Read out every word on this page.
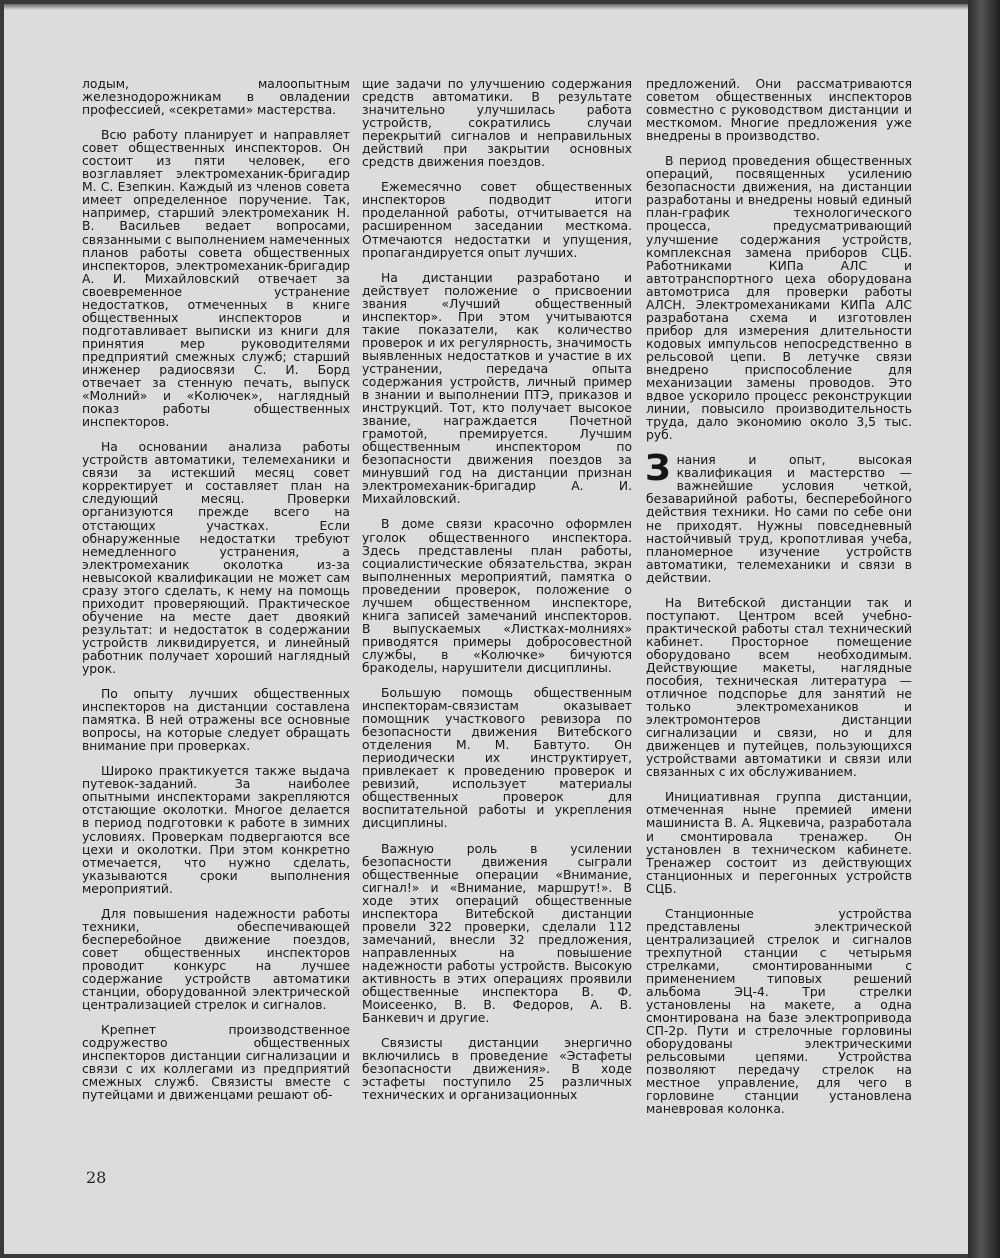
лодым, малоопытным железнодорожникам в овладении профессией, «секретами» мастерства.

Всю работу планирует и направляет совет общественных инспекторов. Он состоит из пяти человек, его возглавляет электромеханик-бригадир М. С. Езепкин. Каждый из членов совета имеет определенное поручение. Так, например, старший электромеханик Н. В. Васильев ведает вопросами, связанными с выполнением намеченных планов работы совета общественных инспекторов, электромеханик-бригадир А. И. Михайловский отвечает за своевременное устранение недостатков, отмеченных в книге общественных инспекторов и подготавливает выписки из книги для принятия мер руководителями предприятий смежных служб; старший инженер радиосвязи С. И. Борд отвечает за стенную печать, выпуск «Молний» и «Колючек», наглядный показ работы общественных инспекторов.

На основании анализа работы устройств автоматики, телемеханики и связи за истекший месяц совет корректирует и составляет план на следующий месяц. Проверки организуются прежде всего на отстающих участках. Если обнаруженные недостатки требуют немедленного устранения, а электромеханик околотка из-за невысокой квалификации не может сам сразу этого сделать, к нему на помощь приходит проверяющий. Практическое обучение на месте дает двоякий результат: и недостаток в содержании устройств ликвидируется, и линейный работник получает хороший наглядный урок.

По опыту лучших общественных инспекторов на дистанции составлена памятка. В ней отражены все основные вопросы, на которые следует обращать внимание при проверках.

Широко практикуется также выдача путевок-заданий. За наиболее опытными инспекторами закрепляются отстающие околотки. Многое делается в период подготовки к работе в зимних условиях. Проверкам подвергаются все цехи и околотки. При этом конкретно отмечается, что нужно сделать, указываются сроки выполнения мероприятий.

Для повышения надежности работы техники, обеспечивающей бесперебойное движение поездов, совет общественных инспекторов проводит конкурс на лучшее содержание устройств автоматики станции, оборудованной электрической централизацией стрелок и сигналов.

Крепнет производственное содружество общественных инспекторов дистанции сигнализации и связи с их коллегами из предприятий смежных служб. Связисты вместе с путейцами и движенцами решают об-

щие задачи по улучшению содержания средств автоматики. В результате значительно улучшилась работа устройств, сократились случаи перекрытий сигналов и неправильных действий при закрытии основных средств движения поездов.

Ежемесячно совет общественных инспекторов подводит итоги проделанной работы, отчитывается на расширенном заседании месткома. Отмечаются недостатки и упущения, пропагандируется опыт лучших.

На дистанции разработано и действует положение о присвоении звания «Лучший общественный инспектор». При этом учитываются такие показатели, как количество проверок и их регулярность, значимость выявленных недостатков и участие в их устранении, передача опыта содержания устройств, личный пример в знании и выполнении ПТЭ, приказов и инструкций. Тот, кто получает высокое звание, награждается Почетной грамотой, премируется. Лучшим общественным инспектором по безопасности движения поездов за минувший год на дистанции признан электромеханик-бригадир А. И. Михайловский.

В доме связи красочно оформлен уголок общественного инспектора. Здесь представлены план работы, социалистические обязательства, экран выполненных мероприятий, памятка о проведении проверок, положение о лучшем общественном инспекторе, книга записей замечаний инспекторов. В выпускаемых «Листках-молниях» приводятся примеры добросовестной службы, в «Колючке» бичуются бракоделы, нарушители дисциплины.

Большую помощь общественным инспекторам-связистам оказывает помощник участкового ревизора по безопасности движения Витебского отделения М. М. Бавтуто. Он периодически их инструктирует, привлекает к проведению проверок и ревизий, использует материалы общественных проверок для воспитательной работы и укрепления дисциплины.

Важную роль в усилении безопасности движения сыграли общественные операции «Внимание, сигнал!» и «Внимание, маршрут!». В ходе этих операций общественные инспектора Витебской дистанции провели 322 проверки, сделали 112 замечаний, внесли 32 предложения, направленных на повышение надежности работы устройств. Высокую активность в этих операциях проявили общественные инспектора В. Ф. Моисеенко, В. В. Федоров, А. В. Банкевич и другие.

Связисты дистанции энергично включились в проведение «Эстафеты безопасности движения». В ходе эстафеты поступило 25 различных технических и организационных

предложений. Они рассматриваются советом общественных инспекторов совместно с руководством дистанции и месткомом. Многие предложения уже внедрены в производство.

В период проведения общественных операций, посвященных усилению безопасности движения, на дистанции разработаны и внедрены новый единый план-график технологического процесса, предусматривающий улучшение содержания устройств, комплексная замена приборов СЦБ. Работниками КИПа АЛС и автотранспортного цеха оборудована автомотриса для проверки работы АЛСН. Электромеханиками КИПа АЛС разработана схема и изготовлен прибор для измерения длительности кодовых импульсов непосредственно в рельсовой цепи. В летучке связи внедрено приспособление для механизации замены проводов. Это вдвое ускорило процесс реконструкции линии, повысило производительность труда, дало экономию около 3,5 тыс. руб.

Знания и опыт, высокая квалификация и мастерство — важнейшие условия четкой, безаварийной работы, бесперебойного действия техники. Но сами по себе они не приходят. Нужны повседневный настойчивый труд, кропотливая учеба, планомерное изучение устройств автоматики, телемеханики и связи в действии.

На Витебской дистанции так и поступают. Центром всей учебно-практической работы стал технический кабинет. Просторное помещение оборудовано всем необходимым. Действующие макеты, наглядные пособия, техническая литература — отличное подспорье для занятий не только электромехаников и электромонтеров дистанции сигнализации и связи, но и для движенцев и путейцев, пользующихся устройствами автоматики и связи или связанных с их обслуживанием.

Инициативная группа дистанции, отмеченная ныне премией имени машиниста В. А. Яцкевича, разработала и смонтировала тренажер. Он установлен в техническом кабинете. Тренажер состоит из действующих станционных и перегонных устройств СЦБ.

Станционные устройства представлены электрической централизацией стрелок и сигналов трехпутной станции с четырьмя стрелками, смонтированными с применением типовых решений альбома ЭЦ-4. Три стрелки установлены на макете, а одна смонтирована на базе электропривода СП-2р. Пути и стрелочные горловины оборудованы электрическими рельсовыми цепями. Устройства позволяют передачу стрелок на местное управление, для чего в горловине станции установлена маневровая колонка.

28
